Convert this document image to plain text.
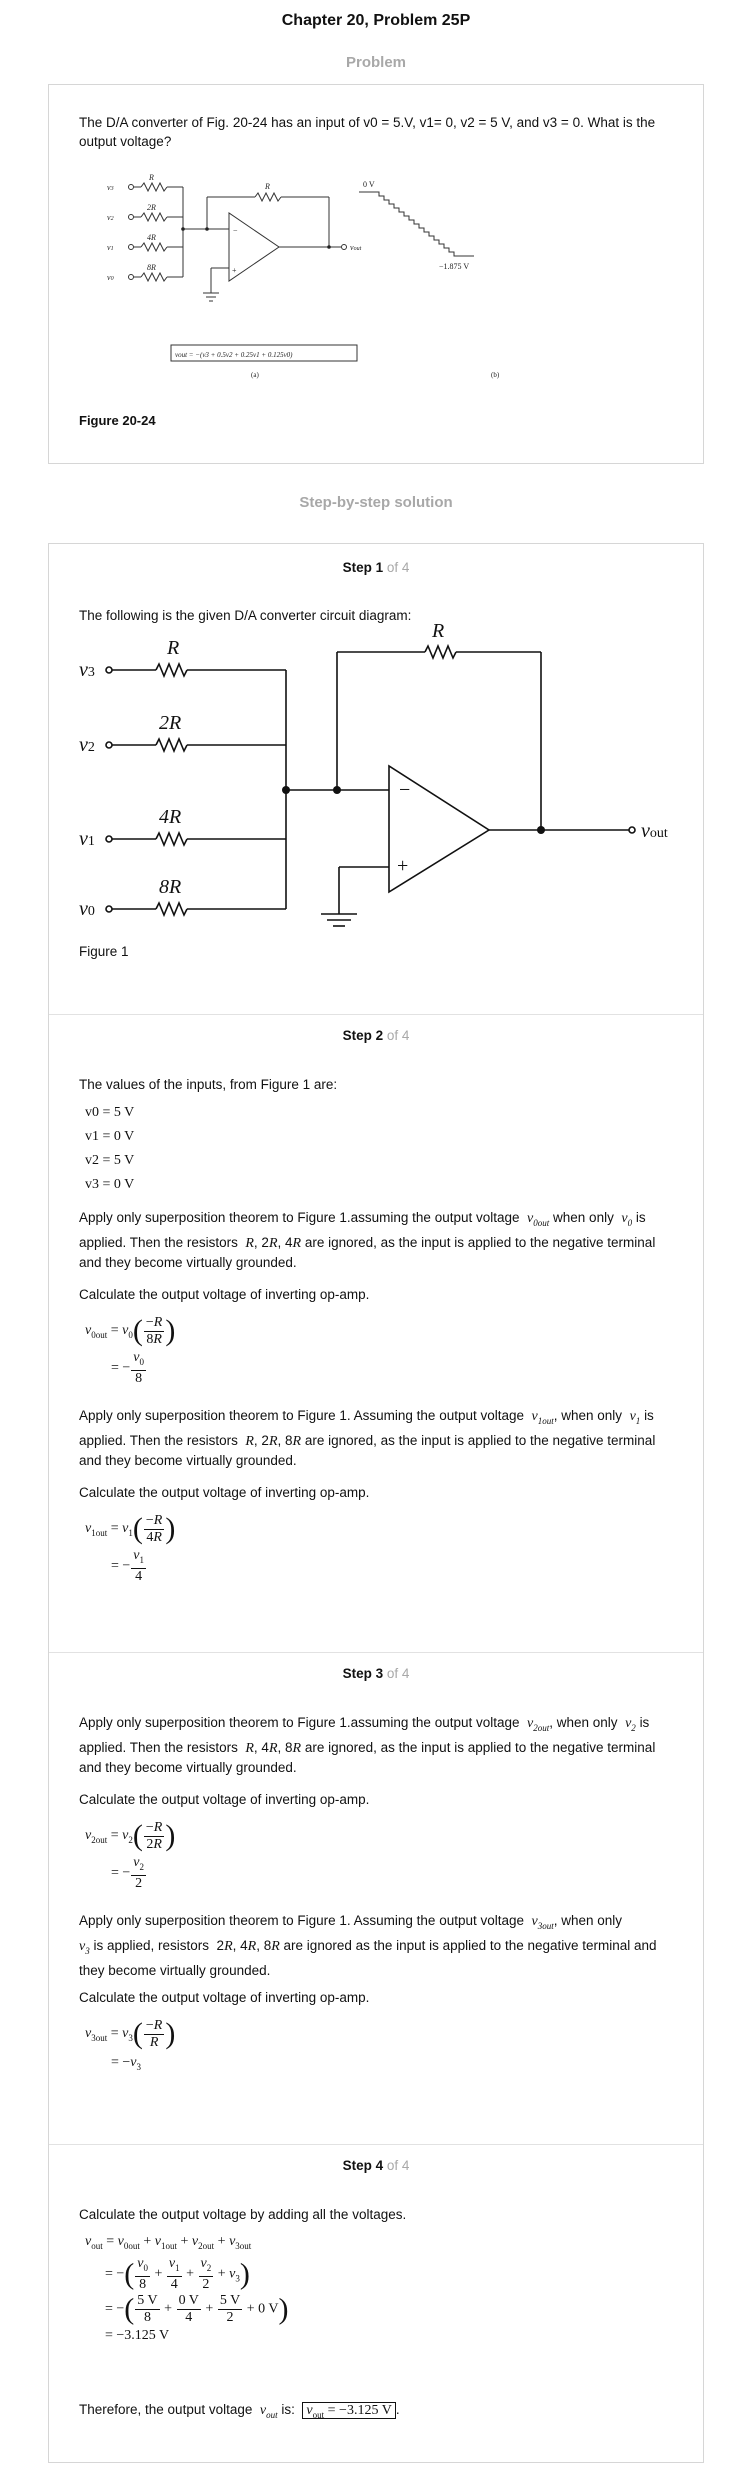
Chapter 20, Problem 25P
Problem
The D/A converter of Fig. 20-24 has an input of v0 = 5.V, v1= 0, v2 = 5 V, and v3 = 0. What is the output voltage?
v3
v2
v1
v0
R
2R
4R
8R
R
vout
−
+
vout = −(v3 + 0.5v2 + 0.25v1 + 0.125v0)
(a)	(b)
0 V
−1.875 V
Figure 20-24
Step-by-step solution
Step 1 of 4
The following is the given D/A converter circuit diagram:
−
+
v3
v2
v1
v0
R
2R
4R
8R
R
vout
Figure 1
Step 2 of 4
The values of the inputs, from Figure 1 are:
v0 = 5 V
v1 = 0 V
v2 = 5 V
v3 = 0 V
Apply only superposition theorem to Figure 1.assuming the output voltage $v_{0out}$ when only $v_0$ is applied. Then the resistors R, 2R, 4R are ignored, as the input is applied to the negative terminal and they become virtually grounded.
Calculate the output voltage of inverting op-amp.
$v_{0out} = v_0( \frac{-R}{8R}$ )
= − $\frac{v_0}{8}$
Apply only superposition theorem to Figure 1. Assuming the output voltage $v_{1out}$, when only $v_1$ is applied. Then the resistors R, 2R, 8R are ignored, as the input is applied to the negative terminal and they become virtually grounded.
Calculate the output voltage of inverting op-amp.
$v_{1out} = v_1( \frac{-R}{4R}$ )
= − $\frac{v_1}{4}$
Step 3 of 4
Apply only superposition theorem to Figure 1.assuming the output voltage $v_{2out}$, when only $v_2$ is applied. Then the resistors R, 4R, 8R are ignored, as the input is applied to the negative terminal and they become virtually grounded.
Calculate the output voltage of inverting op-amp.
$v_{2out} = v_2( \frac{-R}{2R}$ )
= − $\frac{v_2}{2}$
Apply only superposition theorem to Figure 1. Assuming the output voltage $v_{3out}$, when only
$v_3$ is applied, resistors  2R, 4R, 8R are ignored as the input is applied to the negative terminal and they become virtually grounded.
Calculate the output voltage of inverting op-amp.
$v_{3out} = v_3( \frac{-R}{R}$ )
= $-v_3$
Step 4 of 4
Calculate the output voltage by adding all the voltages.
$v_{out} = v_{0out} + v_{1out} + v_{2out} + v_{3out}$
= −( $\frac{v_0}{8} + \frac{v_1}{4} + \frac{v_2}{2} + v_3$)
= −( $\frac{5 V}{8} + \frac{0 V}{4} + \frac{5 V}{2} + 0$ V)
= −3.125 V
Therefore, the output voltage $v_{out}$ is: $v_{out} = -3.125$ V .
